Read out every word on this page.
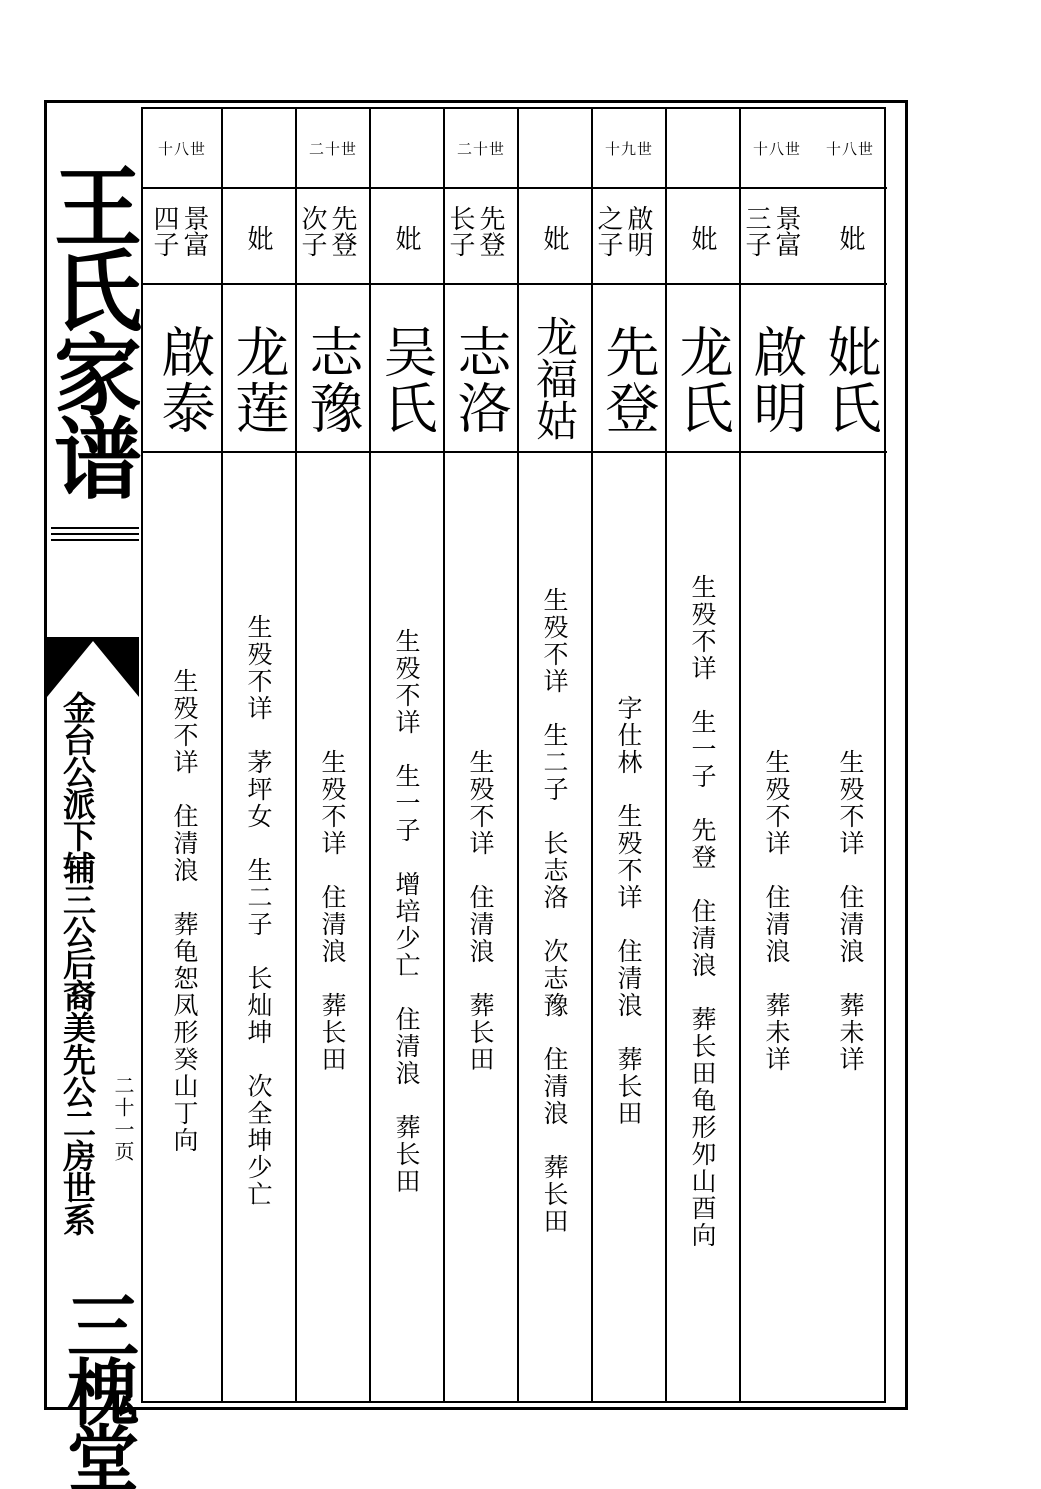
王氏家谱
金台公派下辅三公后裔美先公二房世系 二十一页
三槐堂
十八世
妣
妣氏
生殁不详　住清浪　葬未详
十八世
景富三子
啟明
生殁不详　住清浪　葬未详
妣
龙氏
生殁不详　生一子　先登　住清浪　葬长田龟形夘山酉向
十九世
啟明之子
先登
字仕林　生殁不详　住清浪　葬长田
妣
龙福姑
生殁不详　生二子　长志洛　次志豫　住清浪　葬长田
二十世
先登长子
志洛
生殁不详　住清浪　葬长田
妣
吴氏
生殁不详　生一子　增培少亡　住清浪　葬长田
二十世
先登次子
志豫
生殁不详　住清浪　葬长田
妣
龙莲
生殁不详　茅坪女　生二子　长灿坤　次全坤少亡
十八世
景富四子
啟泰
生殁不详　住清浪　葬龟恕凤形癸山丁向
